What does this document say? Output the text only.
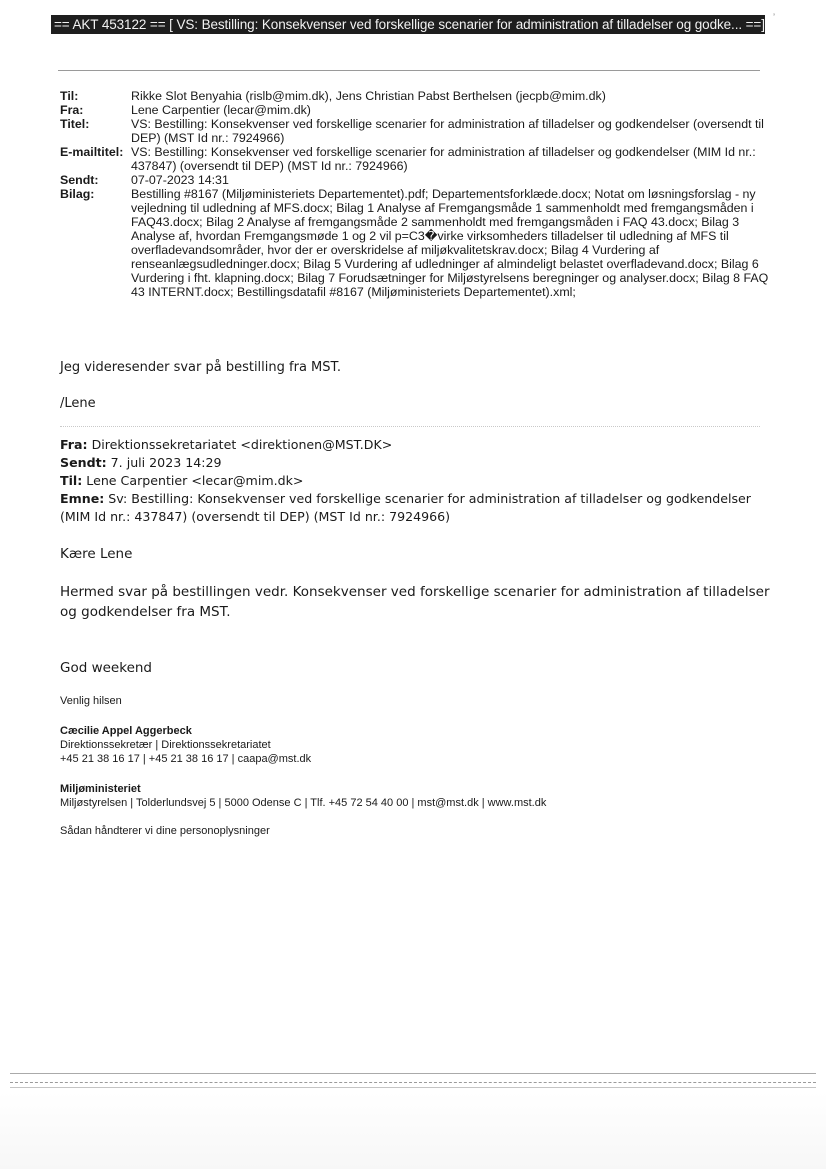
== AKT 453122 == [ VS: Bestilling: Konsekvenser ved forskellige scenarier for administration af tilladelser og godke... ==] ’
Til:	Rikke Slot Benyahia (rislb@mim.dk), Jens Christian Pabst Berthelsen (jecpb@mim.dk)
Fra:	Lene Carpentier (lecar@mim.dk)
Titel:	VS: Bestilling: Konsekvenser ved forskellige scenarier for administration af tilladelser og godkendelser (oversendt til DEP) (MST Id nr.: 7924966)
E-mailtitel: VS: Bestilling: Konsekvenser ved forskellige scenarier for administration af tilladelser og godkendelser (MIM Id nr.: 437847) (oversendt til DEP) (MST Id nr.: 7924966)
Sendt:	07-07-2023 14:31
Bilag:	Bestilling #8167 (Miljøministeriets Departementet).pdf; Departementsforklæde.docx; Notat om løsningsforslag - ny vejledning til udledning af MFS.docx; Bilag 1 Analyse af Fremgangsmåde 1 sammenholdt med fremgangsmåden i FAQ43.docx; Bilag 2 Analyse af fremgangsmåde 2 sammenholdt med fremgangsmåden i FAQ 43.docx; Bilag 3 Analyse af, hvordan Fremgangsmøde 1 og 2 vil p=C3�virke virksomheders tilladelser til udledning af MFS til overfladevandsområder, hvor der er overskridelse af miljøkvalitetskrav.docx; Bilag 4 Vurdering af renseanlægsudledninger.docx; Bilag 5 Vurdering af udledninger af almindeligt belastet overfladevand.docx; Bilag 6 Vurdering i fht. klapning.docx; Bilag 7 Forudsætninger for Miljøstyrelsens beregninger og analyser.docx; Bilag 8 FAQ 43 INTERNT.docx; Bestillingsdatafil #8167 (Miljøministeriets Departementet).xml;
Jeg videresender svar på bestilling fra MST.
/Lene
Fra: Direktionssekretariatet <direktionen@MST.DK>
Sendt: 7. juli 2023 14:29
Til: Lene Carpentier <lecar@mim.dk>
Emne: Sv: Bestilling: Konsekvenser ved forskellige scenarier for administration af tilladelser og godkendelser (MIM Id nr.: 437847) (oversendt til DEP) (MST Id nr.: 7924966)
Kære Lene
Hermed svar på bestillingen vedr. Konsekvenser ved forskellige scenarier for administration af tilladelser og godkendelser fra MST.
God weekend
Venlig hilsen
Cæcilie Appel Aggerbeck
Direktionssekretær | Direktionssekretariatet
+45 21 38 16 17 | +45 21 38 16 17 | caapa@mst.dk
Miljøministeriet
Miljøstyrelsen | Tolderlundsvej 5 | 5000 Odense C | Tlf. +45 72 54 40 00 | mst@mst.dk | www.mst.dk
Sådan håndterer vi dine personoplysninger
